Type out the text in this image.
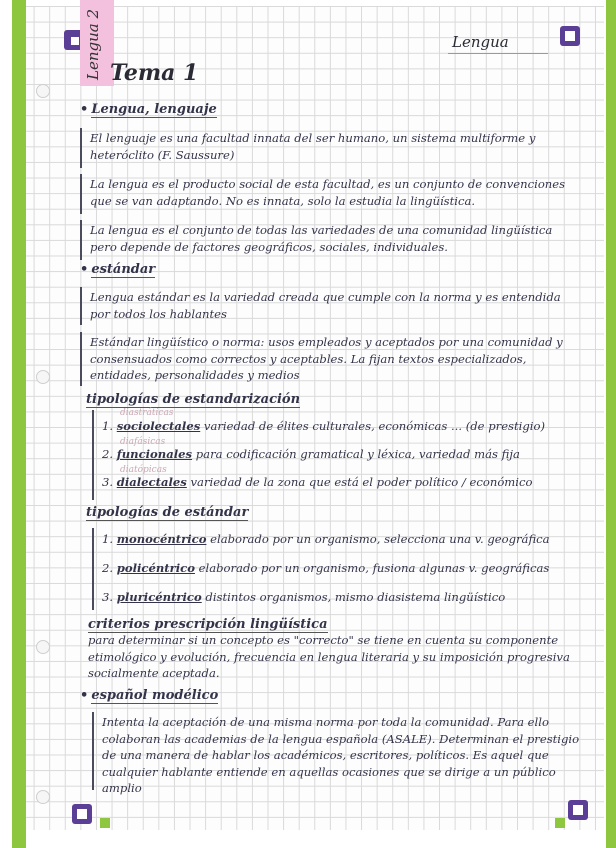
Lengua 2 Tema 1
Lengua
• Lengua, lenguaje
El lenguaje es una facultad innata del ser humano, un sistema multiforme y heteróclito (F. Saussure)
La lengua es el producto social de esta facultad, es un conjunto de convenciones que se van adaptando. No es innata, solo la estudia la lingüística.
La lengua es el conjunto de todas las variedades de una comunidad lingüística pero depende de factores geográficos, sociales, individuales.
• estándar
Lengua estándar es la variedad creada que cumple con la norma y es entendida por todos los hablantes
Estándar lingüístico o norma: usos empleados y aceptados por una comunidad y consensuados como correctos y aceptables. La fijan textos especializados, entidades, personalidades y medios
tipologías de estandarización
diastráticas
1. sociolectales variedad de élites culturales, económicas ... (de prestigio)
diafásicas
2. funcionales para codificación gramatical y léxica, variedad más fija
diatópicas
3. dialectales variedad de la zona que está el poder político / económico
tipologías de estándar
1. monocéntrico elaborado por un organismo, selecciona una v. geográfica
2. policéntrico elaborado por un organismo, fusiona algunas v. geográficas
3. pluricéntrico distintos organismos, mismo diasistema lingüístico
criterios prescripción lingüística
para determinar si un concepto es "correcto" se tiene en cuenta su componente etimológico y evolución, frecuencia en lengua literaria y su imposición progresiva socialmente aceptada.
• español modélico
Intenta la aceptación de una misma norma por toda la comunidad. Para ello colaboran las academias de la lengua española (ASALE). Determinan el prestigio de una manera de hablar los académicos, escritores, políticos. Es aquel que cualquier hablante entiende en aquellas ocasiones que se dirige a un público amplio
